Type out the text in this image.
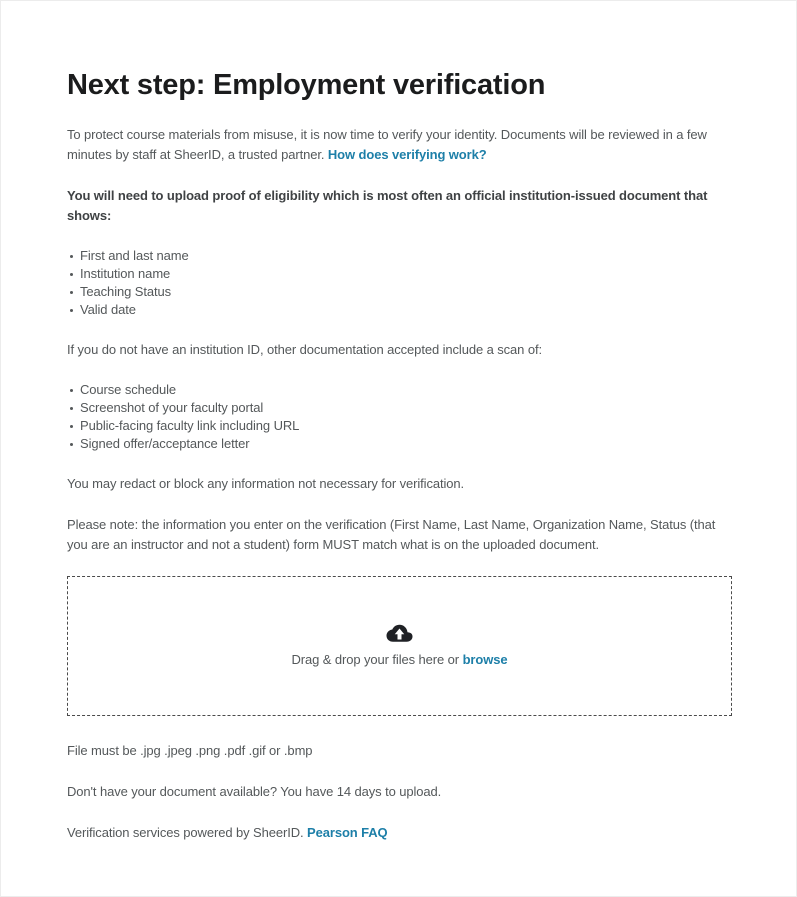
Next step: Employment verification

To protect course materials from misuse, it is now time to verify your identity. Documents will be reviewed in a few minutes by staff at SheerID, a trusted partner. How does verifying work?

You will need to upload proof of eligibility which is most often an official institution-issued document that shows:

First and last name
Institution name
Teaching Status
Valid date

If you do not have an institution ID, other documentation accepted include a scan of:

Course schedule
Screenshot of your faculty portal
Public-facing faculty link including URL
Signed offer/acceptance letter

You may redact or block any information not necessary for verification.

Please note: the information you enter on the verification (First Name, Last Name, Organization Name, Status (that you are an instructor and not a student) form MUST match what is on the uploaded document.

Drag & drop your files here or browse

File must be .jpg .jpeg .png .pdf .gif or .bmp

Don't have your document available? You have 14 days to upload.

Verification services powered by SheerID. Pearson FAQ
